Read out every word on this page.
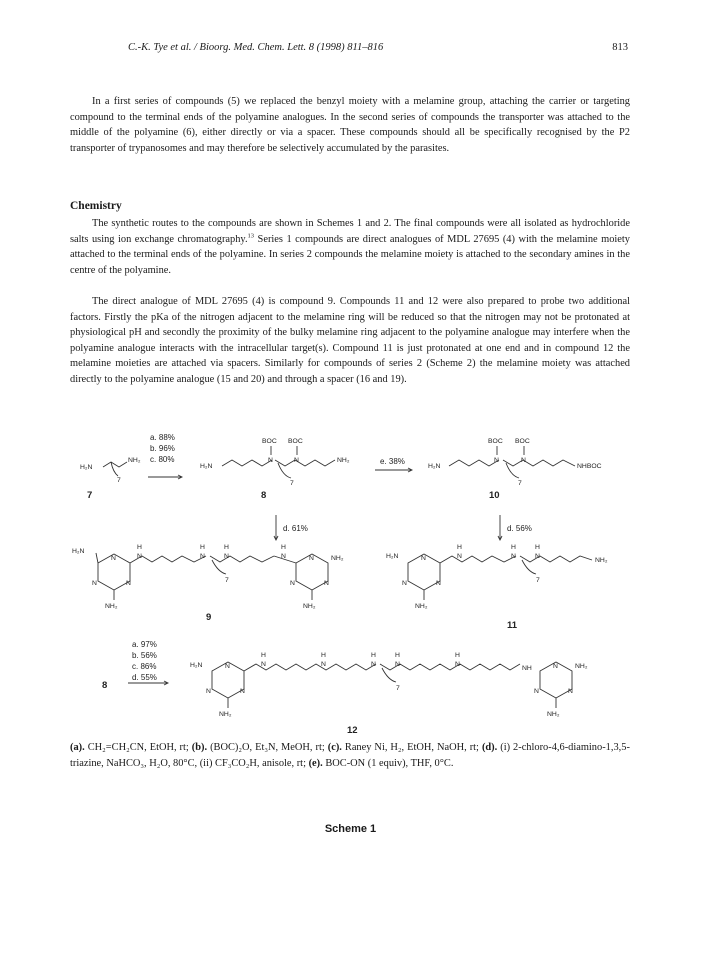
C.-K. Tye et al. / Bioorg. Med. Chem. Lett. 8 (1998) 811–816	813

In a first series of compounds (5) we replaced the benzyl moiety with a melamine group, attaching the carrier or targeting compound to the terminal ends of the polyamine analogues. In the second series of compounds the transporter was attached to the middle of the polyamine (6), either directly or via a spacer. These compounds should all be specifically recognised by the P2 transporter of trypanosomes and may therefore be selectively accumulated by the parasites.

Chemistry

The synthetic routes to the compounds are shown in Schemes 1 and 2. The final compounds were all isolated as hydrochloride salts using ion exchange chromatography.$^{13}$ Series 1 compounds are direct analogues of MDL 27695 (4) with the melamine moiety attached to the terminal ends of the polyamine. In series 2 compounds the melamine moiety is attached to the secondary amines in the centre of the polyamine.

The direct analogue of MDL 27695 (4) is compound 9. Compounds 11 and 12 were also prepared to probe two additional factors. Firstly the pKa of the nitrogen adjacent to the melamine ring will be reduced so that the nitrogen may not be protonated at physiological pH and secondly the proximity of the bulky melamine ring adjacent to the polyamine analogue may interfere when the polyamine analogue interacts with the intracellular target(s). Compound 11 is just protonated at one end and in compound 12 the melamine moieties are attached via spacers. Similarly for compounds of series 2 (Scheme 2) the melamine moiety was attached directly to the polyamine analogue (15 and 20) and through a spacer (16 and 19).

7	8
9
10
11
12
a. 88%
b. 96%
c. 80%	e. 38%
d. 61%	d. 56%
a. 97%
b. 56%
c. 86%
d. 55%
8
H₂N
NH₂
7
H₂N
BOC BOC
N	N
7
NH₂
H₂N
BOC BOC
N	N
7
NHBOC
H₂N
N
N	N
NH₂
H
N
H
N
H
N
7
H
N	N
N	N
NH₂
NH₂
H₂N	N
N	N
NH₂
H
N
H
N
H
N
7
NH₂
H₂N	N
N	N
NH₂
H
N
H
N
H
N
H
N
7
H
N
NH	N
N	N
NH₂
NH₂

(a). CH₂=CH₂CN, EtOH, rt; (b). (BOC)₂O, Et₃N, MeOH, rt; (c). Raney Ni, H₂, EtOH, NaOH, rt; (d). (i) 2-chloro-4,6-diamino-1,3,5-triazine, NaHCO₃, H₂O, 80°C, (ii) CF₃CO₂H, anisole, rt; (e). BOC-ON (1 equiv), THF, 0°C.

Scheme 1
